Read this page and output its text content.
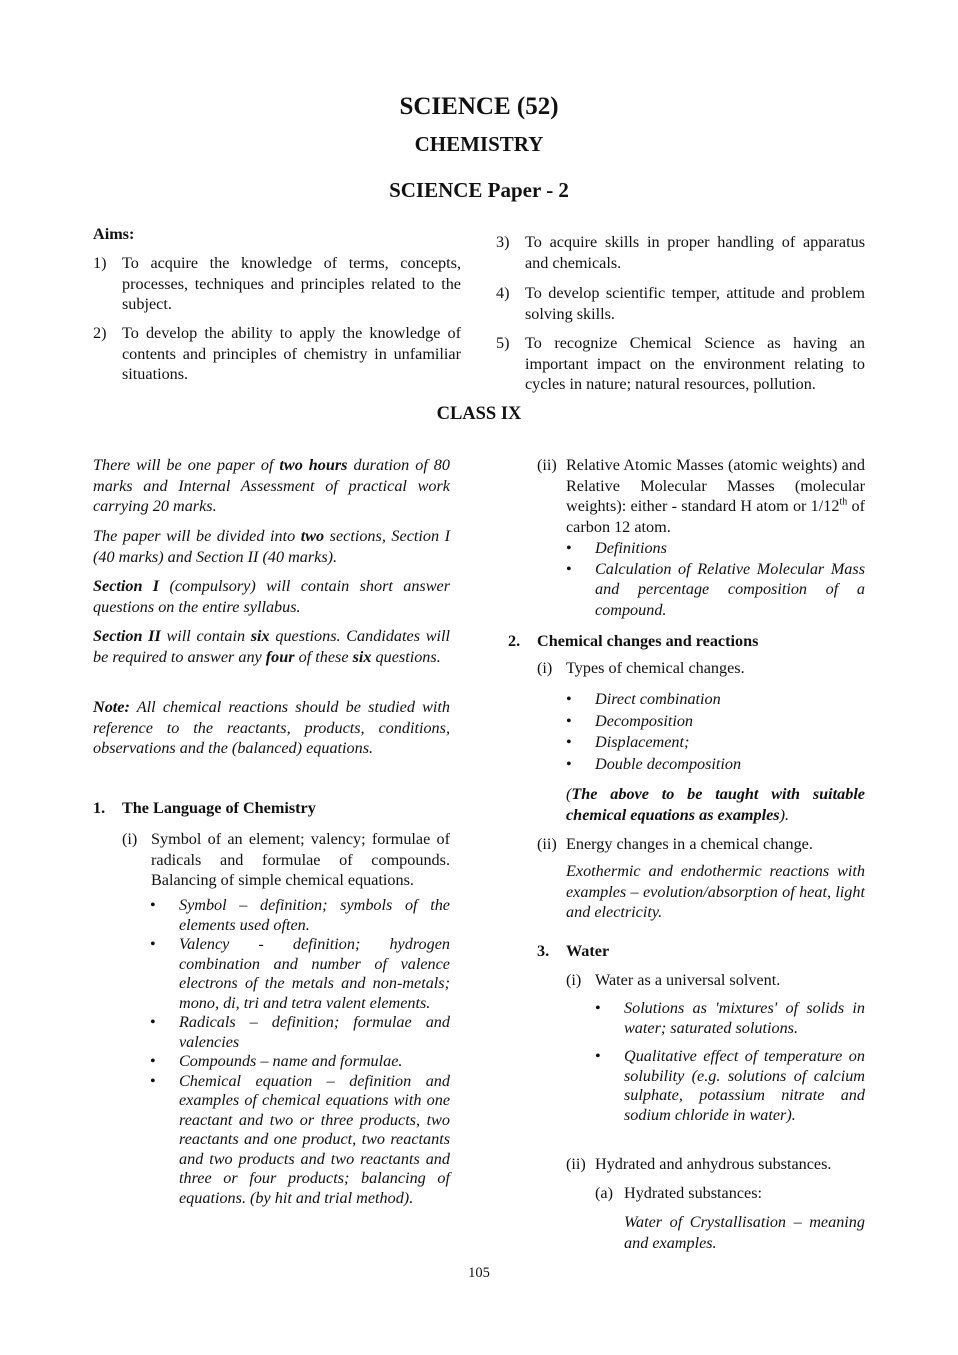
SCIENCE (52)
CHEMISTRY
SCIENCE Paper - 2
Aims:
1) To acquire the knowledge of terms, concepts, processes, techniques and principles related to the subject.
2) To develop the ability to apply the knowledge of contents and principles of chemistry in unfamiliar situations.
3) To acquire skills in proper handling of apparatus and chemicals.
4) To develop scientific temper, attitude and problem solving skills.
5) To recognize Chemical Science as having an important impact on the environment relating to cycles in nature; natural resources, pollution.
CLASS IX
There will be one paper of two hours duration of 80 marks and Internal Assessment of practical work carrying 20 marks.
The paper will be divided into two sections, Section I (40 marks) and Section II (40 marks).
Section I (compulsory) will contain short answer questions on the entire syllabus.
Section II will contain six questions. Candidates will be required to answer any four of these six questions.
Note: All chemical reactions should be studied with reference to the reactants, products, conditions, observations and the (balanced) equations.
1. The Language of Chemistry
(i) Symbol of an element; valency; formulae of radicals and formulae of compounds. Balancing of simple chemical equations.
• Symbol – definition; symbols of the elements used often.
• Valency - definition; hydrogen combination and number of valence electrons of the metals and non-metals; mono, di, tri and tetra valent elements.
• Radicals – definition; formulae and valencies
• Compounds – name and formulae.
• Chemical equation – definition and examples of chemical equations with one reactant and two or three products, two reactants and one product, two reactants and two products and two reactants and three or four products; balancing of equations. (by hit and trial method).
(ii) Relative Atomic Masses (atomic weights) and Relative Molecular Masses (molecular weights): either - standard H atom or 1/12th of carbon 12 atom.
• Definitions
• Calculation of Relative Molecular Mass and percentage composition of a compound.
2. Chemical changes and reactions
(i) Types of chemical changes.
• Direct combination
• Decomposition
• Displacement;
• Double decomposition
(The above to be taught with suitable chemical equations as examples).
(ii) Energy changes in a chemical change.
Exothermic and endothermic reactions with examples – evolution/absorption of heat, light and electricity.
3. Water
(i) Water as a universal solvent.
• Solutions as 'mixtures' of solids in water; saturated solutions.
• Qualitative effect of temperature on solubility (e.g. solutions of calcium sulphate, potassium nitrate and sodium chloride in water).
(ii) Hydrated and anhydrous substances.
(a) Hydrated substances:
Water of Crystallisation – meaning and examples.
105
